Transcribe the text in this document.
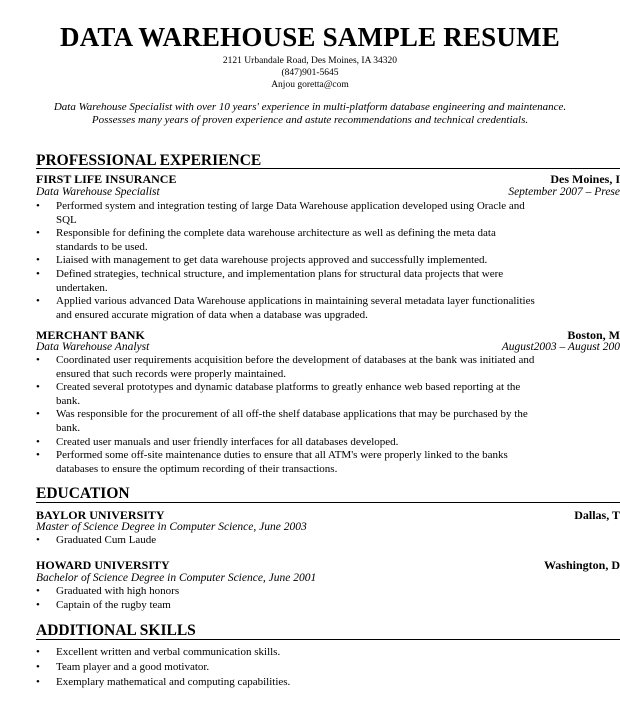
DATA WAREHOUSE SAMPLE RESUME
2121 Urbandale Road, Des Moines, IA 34320
(847)901-5645
Anjou goretta@com
Data Warehouse Specialist with over 10 years' experience in multi-platform database engineering and maintenance.
Possesses many years of proven experience and astute recommendations and technical credentials.
PROFESSIONAL EXPERIENCE
FIRST LIFE INSURANCE	Des Moines, I
Data Warehouse Specialist	September 2007 – Prese
• Performed system and integration testing of large Data Warehouse application developed using Oracle and SQL
• Responsible for defining the complete data warehouse architecture as well as defining the meta data standards to be used.
• Liaised with management to get data warehouse projects approved and successfully implemented.
• Defined strategies, technical structure, and implementation plans for structural data projects that were undertaken.
• Applied various advanced Data Warehouse applications in maintaining several metadata layer functionalities and ensured accurate migration of data when a database was upgraded.
MERCHANT BANK	Boston, M
Data Warehouse Analyst	August2003 – August 200
• Coordinated user requirements acquisition before the development of databases at the bank was initiated and ensured that such records were properly maintained.
• Created several prototypes and dynamic database platforms to greatly enhance web based reporting at the bank.
• Was responsible for the procurement of all off-the shelf database applications that may be purchased by the bank.
• Created user manuals and user friendly interfaces for all databases developed.
• Performed some off-site maintenance duties to ensure that all ATM's were properly linked to the banks databases to ensure the optimum recording of their transactions.
EDUCATION
BAYLOR UNIVERSITY	Dallas, T
Master of Science Degree in Computer Science, June 2003
• Graduated Cum Laude
HOWARD UNIVERSITY	Washington, D
Bachelor of Science Degree in Computer Science, June 2001
• Graduated with high honors
• Captain of the rugby team
ADDITIONAL SKILLS
• Excellent written and verbal communication skills.
• Team player and a good motivator.
• Exemplary mathematical and computing capabilities.
